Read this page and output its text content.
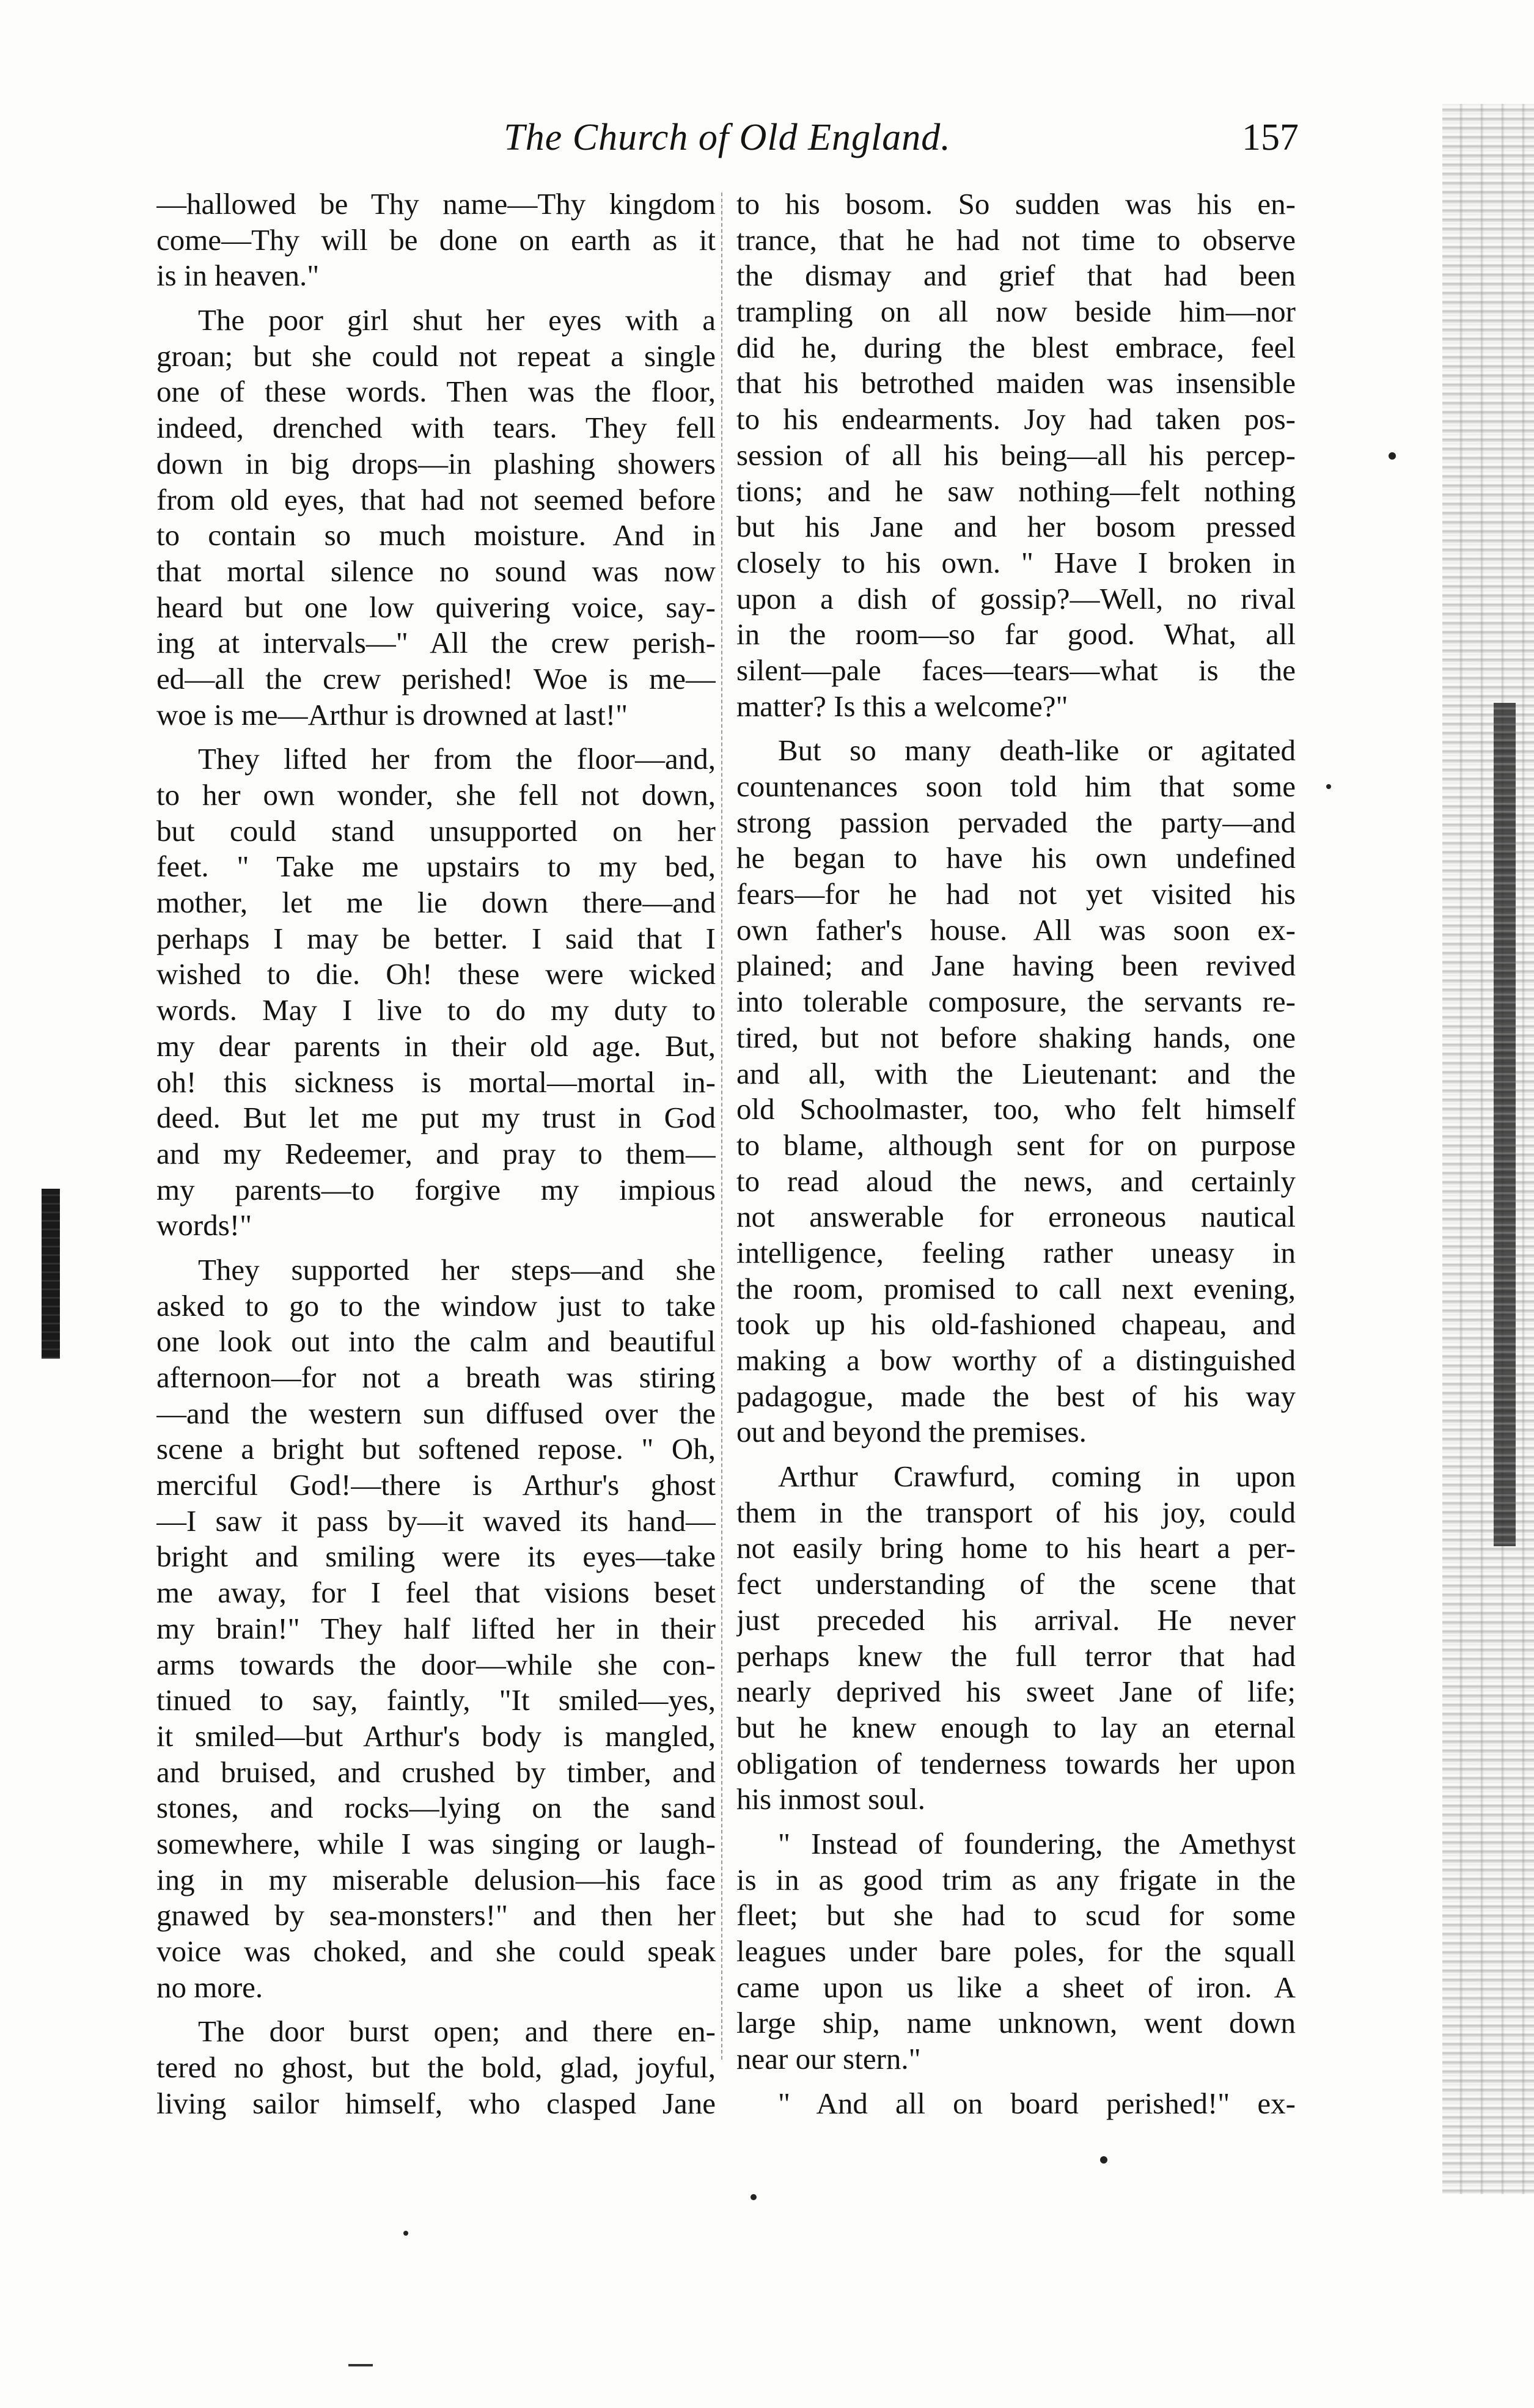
The Church of Old England.	157
—hallowed be Thy name—Thy kingdom
come—Thy will be done on earth as it
is in heaven."
The poor girl shut her eyes with a
groan; but she could not repeat a single
one of these words. Then was the floor,
indeed, drenched with tears. They fell
down in big drops—in plashing showers
from old eyes, that had not seemed before
to contain so much moisture. And in
that mortal silence no sound was now
heard but one low quivering voice, say-
ing at intervals—" All the crew perish-
ed—all the crew perished! Woe is me—
woe is me—Arthur is drowned at last!"
They lifted her from the floor—and,
to her own wonder, she fell not down,
but could stand unsupported on her
feet. " Take me upstairs to my bed,
mother, let me lie down there—and
perhaps I may be better. I said that I
wished to die. Oh! these were wicked
words. May I live to do my duty to
my dear parents in their old age. But,
oh! this sickness is mortal—mortal in-
deed. But let me put my trust in God
and my Redeemer, and pray to them—
my parents—to forgive my impious
words!"
They supported her steps—and she
asked to go to the window just to take
one look out into the calm and beautiful
afternoon—for not a breath was stiring
—and the western sun diffused over the
scene a bright but softened repose. " Oh,
merciful God!—there is Arthur's ghost
—I saw it pass by—it waved its hand—
bright and smiling were its eyes—take
me away, for I feel that visions beset
my brain!" They half lifted her in their
arms towards the door—while she con-
tinued to say, faintly, "It smiled—yes,
it smiled—but Arthur's body is mangled,
and bruised, and crushed by timber, and
stones, and rocks—lying on the sand
somewhere, while I was singing or laugh-
ing in my miserable delusion—his face
gnawed by sea-monsters!" and then her
voice was choked, and she could speak
no more.
The door burst open; and there en-
tered no ghost, but the bold, glad, joyful,
living sailor himself, who clasped Jane
to his bosom. So sudden was his en-
trance, that he had not time to observe
the dismay and grief that had been
trampling on all now beside him—nor
did he, during the blest embrace, feel
that his betrothed maiden was insensible
to his endearments. Joy had taken pos-
session of all his being—all his percep-
tions; and he saw nothing—felt nothing
but his Jane and her bosom pressed
closely to his own. " Have I broken in
upon a dish of gossip?—Well, no rival
in the room—so far good. What, all
silent—pale faces—tears—what is the
matter? Is this a welcome?"
But so many death-like or agitated
countenances soon told him that some
strong passion pervaded the party—and
he began to have his own undefined
fears—for he had not yet visited his
own father's house. All was soon ex-
plained; and Jane having been revived
into tolerable composure, the servants re-
tired, but not before shaking hands, one
and all, with the Lieutenant: and the
old Schoolmaster, too, who felt himself
to blame, although sent for on purpose
to read aloud the news, and certainly
not answerable for erroneous nautical
intelligence, feeling rather uneasy in
the room, promised to call next evening,
took up his old-fashioned chapeau, and
making a bow worthy of a distinguished
padagogue, made the best of his way
out and beyond the premises.
Arthur Crawfurd, coming in upon
them in the transport of his joy, could
not easily bring home to his heart a per-
fect understanding of the scene that
just preceded his arrival. He never
perhaps knew the full terror that had
nearly deprived his sweet Jane of life;
but he knew enough to lay an eternal
obligation of tenderness towards her upon
his inmost soul.
" Instead of foundering, the Amethyst
is in as good trim as any frigate in the
fleet; but she had to scud for some
leagues under bare poles, for the squall
came upon us like a sheet of iron. A
large ship, name unknown, went down
near our stern."
" And all on board perished!" ex-
